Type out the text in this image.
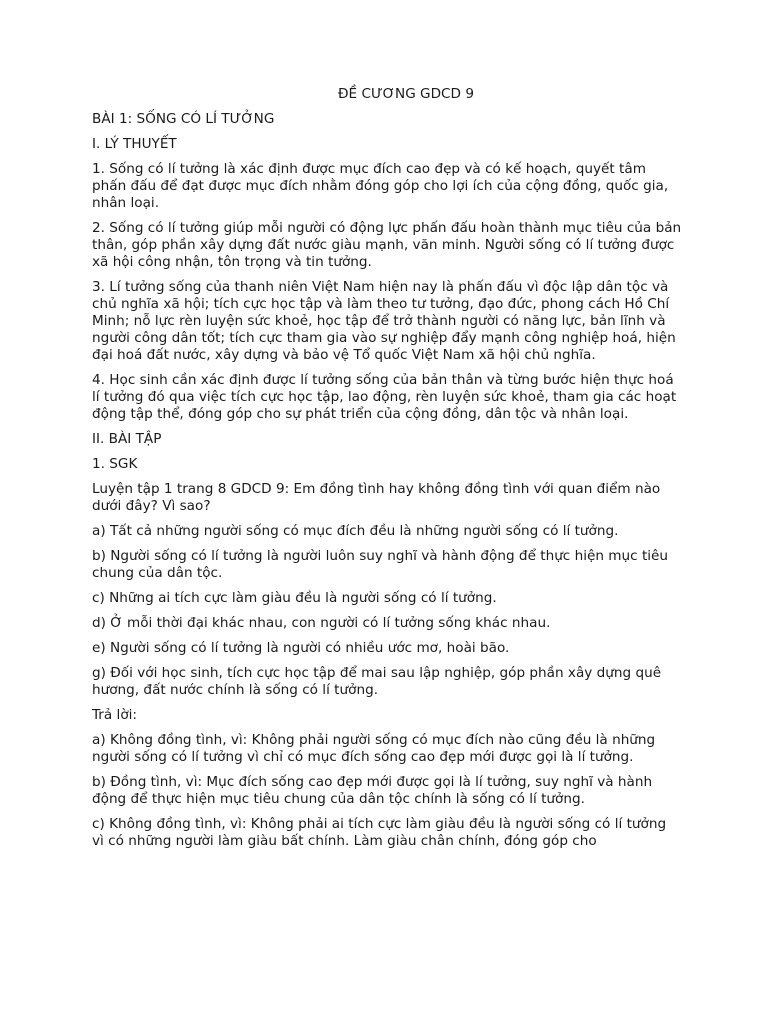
ĐỀ CƯƠNG GDCD 9

BÀI 1: SỐNG CÓ LÍ TƯỞNG

I. LÝ THUYẾT

1. Sống có lí tưởng là xác định được mục đích cao đẹp và có kế hoạch, quyết tâm phấn đấu để đạt được mục đích nhằm đóng góp cho lợi ích của cộng đồng, quốc gia, nhân loại.

2. Sống có lí tưởng giúp mỗi người có động lực phấn đấu hoàn thành mục tiêu của bản thân, góp phần xây dựng đất nước giàu mạnh, văn minh. Người sống có lí tưởng được xã hội công nhận, tôn trọng và tin tưởng.

3. Lí tưởng sống của thanh niên Việt Nam hiện nay là phấn đấu vì độc lập dân tộc và chủ nghĩa xã hội; tích cực học tập và làm theo tư tưởng, đạo đức, phong cách Hồ Chí Minh; nỗ lực rèn luyện sức khoẻ, học tập để trở thành người có năng lực, bản lĩnh và người công dân tốt; tích cực tham gia vào sự nghiệp đẩy mạnh công nghiệp hoá, hiện đại hoá đất nước, xây dựng và bảo vệ Tổ quốc Việt Nam xã hội chủ nghĩa.

4. Học sinh cần xác định được lí tưởng sống của bản thân và từng bước hiện thực hoá lí tưởng đó qua việc tích cực học tập, lao động, rèn luyện sức khoẻ, tham gia các hoạt động tập thể, đóng góp cho sự phát triển của cộng đồng, dân tộc và nhân loại.

II. BÀI TẬP

1. SGK

Luyện tập 1 trang 8 GDCD 9: Em đồng tình hay không đồng tình với quan điểm nào dưới đây? Vì sao?

a) Tất cả những người sống có mục đích đều là những người sống có lí tưởng.

b) Người sống có lí tưởng là người luôn suy nghĩ và hành động để thực hiện mục tiêu chung của dân tộc.

c) Những ai tích cực làm giàu đều là người sống có lí tưởng.

d) Ở mỗi thời đại khác nhau, con người có lí tưởng sống khác nhau.

e) Người sống có lí tưởng là người có nhiều ước mơ, hoài bão.

g) Đối với học sinh, tích cực học tập để mai sau lập nghiệp, góp phần xây dựng quê hương, đất nước chính là sống có lí tưởng.

Trả lời:

a) Không đồng tình, vì: Không phải người sống có mục đích nào cũng đều là những người sống có lí tưởng vì chỉ có mục đích sống cao đẹp mới được gọi là lí tưởng.

b) Đồng tình, vì: Mục đích sống cao đẹp mới được gọi là lí tưởng, suy nghĩ và hành động để thực hiện mục tiêu chung của dân tộc chính là sống có lí tưởng.

c) Không đồng tình, vì: Không phải ai tích cực làm giàu đều là người sống có lí tưởng vì có những người làm giàu bất chính. Làm giàu chân chính, đóng góp cho
